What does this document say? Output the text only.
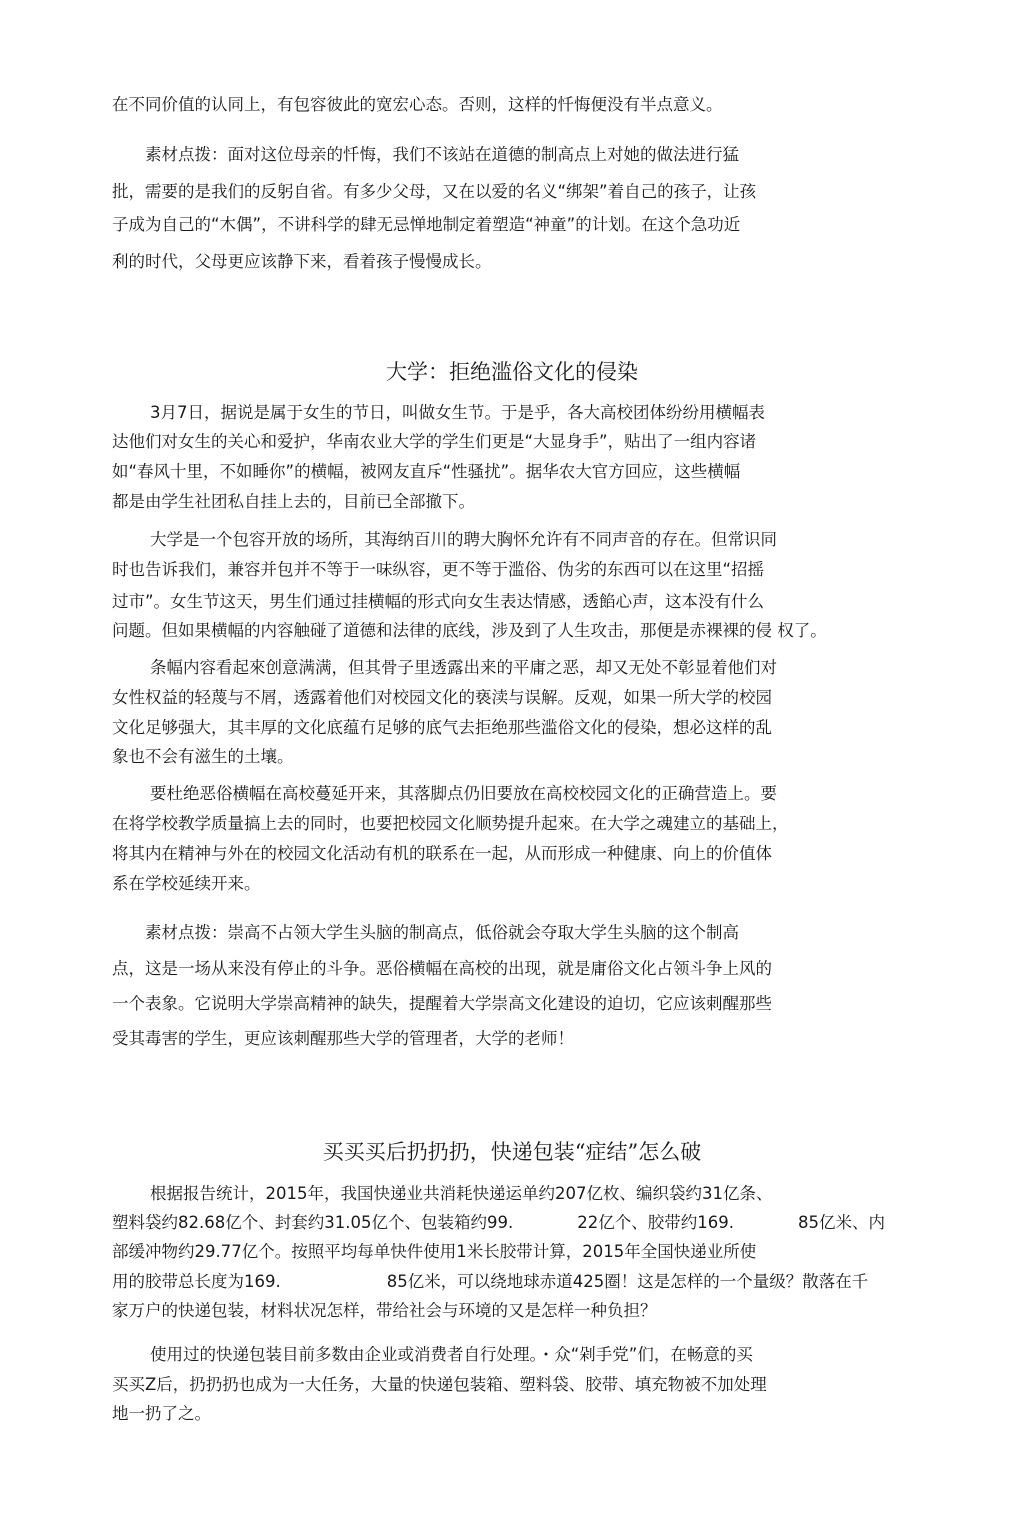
在不同价值的认同上，有包容彼此的宽宏心态。否则，这样的忏悔便没有半点意义。

　　素材点拨：面对这位母亲的忏悔，我们不该站在道德的制高点上对她的做法进行猛

批，需要的是我们的反躬自省。有多少父母，又在以爱的名义“绑架”着自己的孩子，让孩

子成为自己的“木偶”，不讲科学的肆无忌惮地制定着塑造“神童”的计划。在这个急功近

利的时代，父母更应该静下来，看着孩子慢慢成长。

大学：拒绝滥俗文化的侵染

3月7日，据说是属于女生的节日，叫做女生节。于是乎，各大高校团体纷纷用横幅表

达他们对女生的关心和爱护，华南农业大学的学生们更是“大显身手”，贴出了一组内容诸

如“春风十里，不如睡你”的横幅，被网友直斥“性骚扰”。据华农大官方回应，这些横幅

都是由学生社团私自挂上去的，目前已全部撤下。

大学是一个包容开放的场所，其海纳百川的聘大胸怀允许有不同声音的存在。但常识同

时也告诉我们，兼容并包并不等于一味纵容，更不等于滥俗、伪劣的东西可以在这里“招摇

过市”。女生节这天，男生们通过挂横幅的形式向女生表达情感，透餡心声，这本没有什么

问题。但如果横幅的内容触碰了道德和法律的底线，涉及到了人生攻击，那便是赤裸裸的侵 权了。

条幅内容看起來创意满满，但其骨子里透露出来的平庸之恶，却又无处不彰显着他们对

女性权益的轻蔑与不屑，透露着他们对校园文化的亵渎与误解。反观，如果一所大学的校园

文化足够强大，其丰厚的文化底蕴冇足够的底气去拒绝那些滥俗文化的侵染，想必这样的乱

象也不会有滋生的土壤。

要杜绝恶俗横幅在高校蔓延开来，其落脚点仍旧要放在高校校园文化的正确营造上。要

在将学校教学质量搞上去的同时，也要把校园文化顺势提升起來。在大学之魂建立的基础上，

将其内在精神与外在的校园文化活动有机的联系在一起，从而形成一种健康、向上的价值体

系在学校延续开来。

　　素材点拨：崇高不占领大学生头脑的制高点，低俗就会夺取大学生头脑的这个制高

点，这是一场从来没有停止的斗争。恶俗横幅在高校的出现，就是庸俗文化占领斗争上风的

一个表象。它说明大学崇高精神的缺失，提醒着大学崇高文化建设的迫切，它应该刺醒那些

受其毒害的学生，更应该刺醒那些大学的管理者，大学的老师！

买买买后扔扔扔，快递包装“症结”怎么破

根据报告统计，2015年，我国快递业共消耗快递运单约207亿枚、编织袋约31亿条、

塑料袋约82.68亿个、封套约31.05亿个、包装箱约99.	22亿个、胶带约169.	85亿米、内

部缓冲物约29.77亿个。按照平均每单快件使用1米长胶带计算，2015年全国快递业所使

用的胶带总长度为169.	85亿米，可以绕地球赤道425圈！这是怎样的一个量级？散落在千

家万户的快递包装，材料状况怎样，带给社会与环境的又是怎样一种负担？

使用过的快递包装目前多数由企业或消费者自行处理。・众“剁手党”们，在畅意的买

买买Z后，扔扔扔也成为一大任务，大量的快递包装箱、塑料袋、胶带、填充物被不加处理

地一扔了之。
